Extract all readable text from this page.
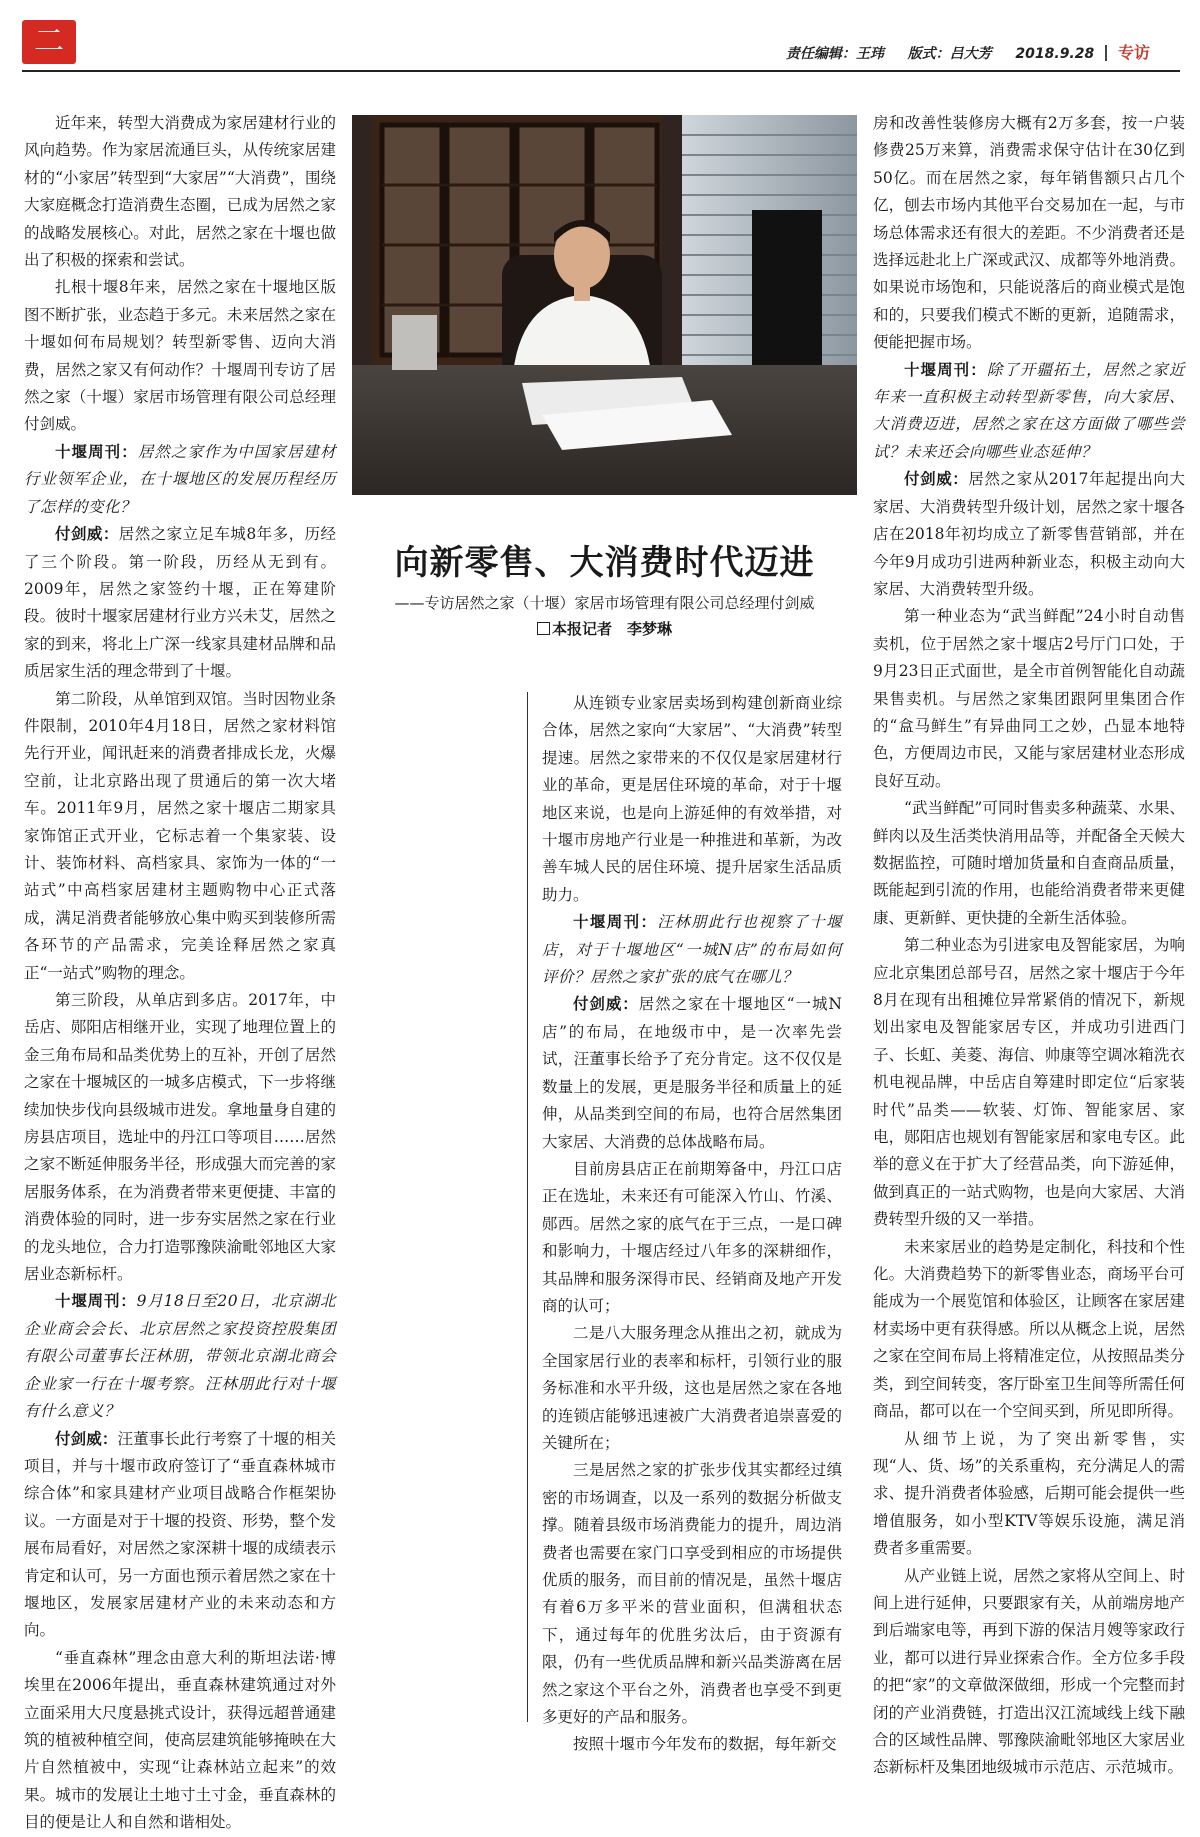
二	责任编辑：王玮 　 版式：吕大芳 　 2018.9.28 专访

近年来，转型大消费成为家居建材行业的风向趋势。作为家居流通巨头，从传统家居建材的“小家居”转型到“大家居”“大消费”，围绕大家庭概念打造消费生态圈，已成为居然之家的战略发展核心。对此，居然之家在十堰也做出了积极的探索和尝试。

扎根十堰8年来，居然之家在十堰地区版图不断扩张，业态趋于多元。未来居然之家在十堰如何布局规划？转型新零售、迈向大消费，居然之家又有何动作？十堰周刊专访了居然之家（十堰）家居市场管理有限公司总经理付剑威。

十堰周刊：居然之家作为中国家居建材行业领军企业，在十堰地区的发展历程经历了怎样的变化？

付剑威：居然之家立足车城8年多，历经了三个阶段。第一阶段，历经从无到有。2009年，居然之家签约十堰，正在筹建阶段。彼时十堰家居建材行业方兴未艾，居然之家的到来，将北上广深一线家具建材品牌和品质居家生活的理念带到了十堰。

第二阶段，从单馆到双馆。当时因物业条件限制，2010年4月18日，居然之家材料馆先行开业，闻讯赶来的消费者排成长龙，火爆空前，让北京路出现了贯通后的第一次大堵车。2011年9月，居然之家十堰店二期家具家饰馆正式开业，它标志着一个集家装、设计、装饰材料、高档家具、家饰为一体的“一站式”中高档家居建材主题购物中心正式落成，满足消费者能够放心集中购买到装修所需各环节的产品需求，完美诠释居然之家真正“一站式”购物的理念。

第三阶段，从单店到多店。2017年，中岳店、郧阳店相继开业，实现了地理位置上的金三角布局和品类优势上的互补，开创了居然之家在十堰城区的一城多店模式，下一步将继续加快步伐向县级城市进发。拿地量身自建的房县店项目，选址中的丹江口等项目……居然之家不断延伸服务半径，形成强大而完善的家居服务体系，在为消费者带来更便捷、丰富的消费体验的同时，进一步夯实居然之家在行业的龙头地位，合力打造鄂豫陕渝毗邻地区大家居业态新标杆。

十堰周刊：9月18日至20日，北京湖北企业商会会长、北京居然之家投资控股集团有限公司董事长汪林朋，带领北京湖北商会企业家一行在十堰考察。汪林朋此行对十堰有什么意义？

付剑威：汪董事长此行考察了十堰的相关项目，并与十堰市政府签订了“垂直森林城市综合体”和家具建材产业项目战略合作框架协议。一方面是对于十堰的投资、形势，整个发展布局看好，对居然之家深耕十堰的成绩表示肯定和认可，另一方面也预示着居然之家在十堰地区，发展家居建材产业的未来动态和方向。

“垂直森林”理念由意大利的斯坦法诺·博埃里在2006年提出，垂直森林建筑通过对外立面采用大尺度悬挑式设计，获得远超普通建筑的植被种植空间，使高层建筑能够掩映在大片自然植被中，实现“让森林站立起来”的效果。城市的发展让土地寸土寸金，垂直森林的目的便是让人和自然和谐相处。

向新零售、大消费时代迈进
——专访居然之家（十堰）家居市场管理有限公司总经理付剑威
本报记者　李梦琳

从连锁专业家居卖场到构建创新商业综合体，居然之家向“大家居”、“大消费”转型提速。居然之家带来的不仅仅是家居建材行业的革命，更是居住环境的革命，对于十堰地区来说，也是向上游延伸的有效举措，对十堰市房地产行业是一种推进和革新，为改善车城人民的居住环境、提升居家生活品质助力。

十堰周刊：汪林朋此行也视察了十堰店，对于十堰地区“一城N店”的布局如何评价？居然之家扩张的底气在哪儿？

付剑威：居然之家在十堰地区“一城N店”的布局，在地级市中，是一次率先尝试，汪董事长给予了充分肯定。这不仅仅是数量上的发展，更是服务半径和质量上的延伸，从品类到空间的布局，也符合居然集团大家居、大消费的总体战略布局。

目前房县店正在前期筹备中，丹江口店正在选址，未来还有可能深入竹山、竹溪、郧西。居然之家的底气在于三点，一是口碑和影响力，十堰店经过八年多的深耕细作，其品牌和服务深得市民、经销商及地产开发商的认可；

二是八大服务理念从推出之初，就成为全国家居行业的表率和标杆，引领行业的服务标准和水平升级，这也是居然之家在各地的连锁店能够迅速被广大消费者追崇喜爱的关键所在；

三是居然之家的扩张步伐其实都经过缜密的市场调查，以及一系列的数据分析做支撑。随着县级市场消费能力的提升，周边消费者也需要在家门口享受到相应的市场提供优质的服务，而目前的情况是，虽然十堰店有着6万多平米的营业面积，但满租状态下，通过每年的优胜劣汰后，由于资源有限，仍有一些优质品牌和新兴品类游离在居然之家这个平台之外，消费者也享受不到更多更好的产品和服务。

按照十堰市今年发布的数据，每年新交

房和改善性装修房大概有2万多套，按一户装修费25万来算，消费需求保守估计在30亿到50亿。而在居然之家，每年销售额只占几个亿，刨去市场内其他平台交易加在一起，与市场总体需求还有很大的差距。不少消费者还是选择远赴北上广深或武汉、成都等外地消费。如果说市场饱和，只能说落后的商业模式是饱和的，只要我们模式不断的更新，追随需求，便能把握市场。

十堰周刊：除了开疆拓土，居然之家近年来一直积极主动转型新零售，向大家居、大消费迈进，居然之家在这方面做了哪些尝试？未来还会向哪些业态延伸？

付剑威：居然之家从2017年起提出向大家居、大消费转型升级计划，居然之家十堰各店在2018年初均成立了新零售营销部，并在今年9月成功引进两种新业态，积极主动向大家居、大消费转型升级。

第一种业态为“武当鲜配”24小时自动售卖机，位于居然之家十堰店2号厅门口处，于9月23日正式面世，是全市首例智能化自动蔬果售卖机。与居然之家集团跟阿里集团合作的“盒马鲜生”有异曲同工之妙，凸显本地特色，方便周边市民，又能与家居建材业态形成良好互动。

“武当鲜配”可同时售卖多种蔬菜、水果、鲜肉以及生活类快消用品等，并配备全天候大数据监控，可随时增加货量和自查商品质量，既能起到引流的作用，也能给消费者带来更健康、更新鲜、更快捷的全新生活体验。

第二种业态为引进家电及智能家居，为响应北京集团总部号召，居然之家十堰店于今年8月在现有出租摊位异常紧俏的情况下，新规划出家电及智能家居专区，并成功引进西门子、长虹、美菱、海信、帅康等空调冰箱洗衣机电视品牌，中岳店自筹建时即定位“后家装时代”品类——软装、灯饰、智能家居、家电，郧阳店也规划有智能家居和家电专区。此举的意义在于扩大了经营品类，向下游延伸，做到真正的一站式购物，也是向大家居、大消费转型升级的又一举措。

未来家居业的趋势是定制化，科技和个性化。大消费趋势下的新零售业态，商场平台可能成为一个展览馆和体验区，让顾客在家居建材卖场中更有获得感。所以从概念上说，居然之家在空间布局上将精准定位，从按照品类分类，到空间转变，客厅卧室卫生间等所需任何商品，都可以在一个空间买到，所见即所得。

从细节上说，为了突出新零售，实现“人、货、场”的关系重构，充分满足人的需求、提升消费者体验感，后期可能会提供一些增值服务，如小型KTV等娱乐设施，满足消费者多重需要。

从产业链上说，居然之家将从空间上、时间上进行延伸，只要跟家有关，从前端房地产到后端家电等，再到下游的保洁月嫂等家政行业，都可以进行异业探索合作。全方位多手段的把“家”的文章做深做细，形成一个完整而封闭的产业消费链，打造出汉江流域线上线下融合的区域性品牌、鄂豫陕渝毗邻地区大家居业态新标杆及集团地级城市示范店、示范城市。
